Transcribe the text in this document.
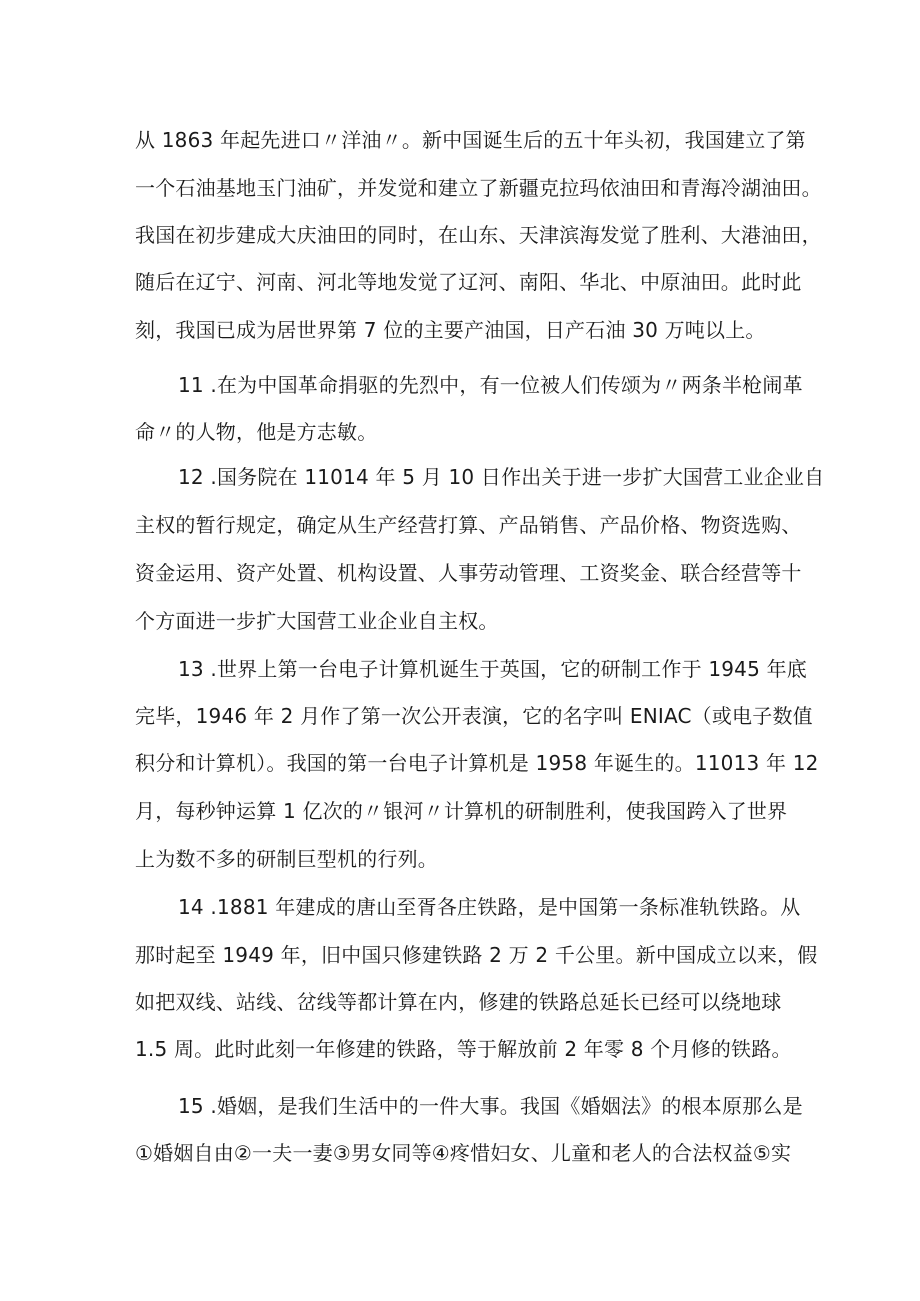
从 1863 年起先进口〃洋油〃。新中国诞生后的五十年头初，我国建立了第
一个石油基地玉门油矿，并发觉和建立了新疆克拉玛依油田和青海冷湖油田。
我国在初步建成大庆油田的同时，在山东、天津滨海发觉了胜利、大港油田，
随后在辽宁、河南、河北等地发觉了辽河、南阳、华北、中原油田。此时此
刻，我国已成为居世界第 7 位的主要产油国，日产石油 30 万吨以上。
11 .在为中国革命捐驱的先烈中，有一位被人们传颂为〃两条半枪闹革
命〃的人物，他是方志敏。
12 .国务院在 11014 年 5 月 10 日作出关于进一步扩大国营工业企业自
主权的暂行规定，确定从生产经营打算、产品销售、产品价格、物资选购、
资金运用、资产处置、机构设置、人事劳动管理、工资奖金、联合经营等十
个方面进一步扩大国营工业企业自主权。
13 .世界上第一台电子计算机诞生于英国，它的研制工作于 1945 年底
完毕，1946 年 2 月作了第一次公开表演，它的名字叫 ENIAC（或电子数值
积分和计算机）。我国的第一台电子计算机是 1958 年诞生的。11013 年 12
月，每秒钟运算 1 亿次的〃银河〃计算机的研制胜利，使我国跨入了世界
上为数不多的研制巨型机的行列。
14 .1881 年建成的唐山至胥各庄铁路，是中国第一条标准轨铁路。从
那时起至 1949 年，旧中国只修建铁路 2 万 2 千公里。新中国成立以来，假
如把双线、站线、岔线等都计算在内，修建的铁路总延长已经可以绕地球
1.5 周。此时此刻一年修建的铁路，等于解放前 2 年零 8 个月修的铁路。
15 .婚姻，是我们生活中的一件大事。我国《婚姻法》的根本原那么是
①婚姻自由②一夫一妻③男女同等④疼惜妇女、儿童和老人的合法权益⑤实
